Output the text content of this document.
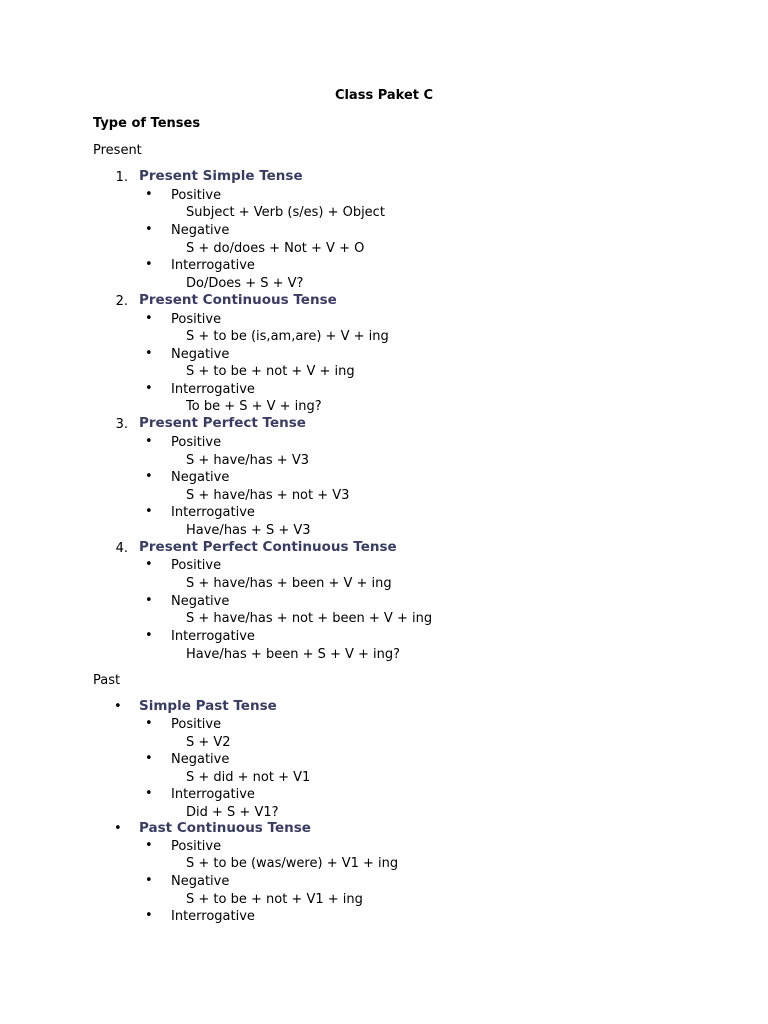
Class Paket C
Type of Tenses
Present
1. Present Simple Tense
• Positive
Subject + Verb (s/es) + Object
• Negative
S + do/does + Not + V + O
• Interrogative
Do/Does + S + V?
2. Present Continuous Tense
• Positive
S + to be (is,am,are) + V + ing
• Negative
S + to be + not + V + ing
• Interrogative
To be + S + V + ing?
3. Present Perfect Tense
• Positive
S + have/has + V3
• Negative
S + have/has + not + V3
• Interrogative
Have/has + S + V3
4. Present Perfect Continuous Tense
• Positive
S + have/has + been + V + ing
• Negative
S + have/has + not + been + V + ing
• Interrogative
Have/has + been + S + V + ing?
Past
• Simple Past Tense
• Positive
S + V2
• Negative
S + did + not + V1
• Interrogative
Did + S + V1?
• Past Continuous Tense
• Positive
S + to be (was/were) + V1 + ing
• Negative
S + to be + not + V1 + ing
• Interrogative
